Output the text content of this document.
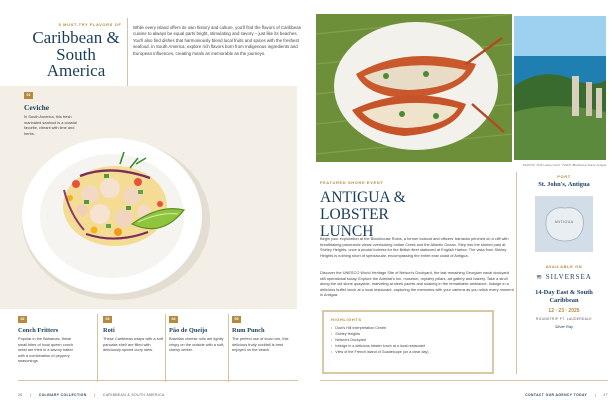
5 MUST-TRY FLAVORS OF
Caribbean & South America
While every island offers its own history and culture, you'll find the flavors of Caribbean cuisine to always be equal parts bright, stimulating and savory – just like its beaches. You'll also find dishes that harmoniously blend local fruits and spices with the freshest seafood. In South America, explore rich flavors born from Indigenous ingredients and European influences, creating meals as memorable as the journeys.
01
Ceviche
In South America, this fresh marinated seafood is a coastal favorite, vibrant with lime and herbs.
02
Conch Fritters
Popular in the Bahamas, these small bites of local queen conch meat are fried in a savory batter with a combination of peppery seasonings.
03
Roti
These Caribbean wraps with a soft pancake shell are filled with deliciously spiced curry stew.
04
Pão de Queijo
Brazilian cheese rolls are lightly crispy on the outside with a soft, chewy center.
05
Rum Punch
The perfect use of local rum, this delicious fruity cocktail is best enjoyed on the beach.
26 | CULINARY COLLECTION | CARIBBEAN & SOUTH AMERICA
PHOTOS: 107F Lobster lunch: ©VENT /Blockhouse Ruins: Antigua
FEATURED SHORE EVENT
ANTIGUA & LOBSTER LUNCH
Begin your exploration at the Blockhouse Ruins, a former lookout and officers' barracks perched on a cliff with breathtaking panoramic views overlooking Indian Creek and the Atlantic Ocean. Step into the storied past at Shirley Heights: once a pivotal fortress for the British fleet stationed at English Harbor. The vista from Shirley Heights is nothing short of spectacular, encompassing the entire east coast of Antigua.
Discover the UNESCO World Heritage Site of Nelson's Dockyard, the last remaining Georgian naval dockyard still operational today. Explore the Admiral's Inn, museum, mystery pillars, art gallery and bakery. Take a stroll along the old stone quayside, marveling at sleek yachts and soaking in the remarkable ambiance. Indulge in a delicious buffet lunch at a local restaurant, capturing the memories with your camera as you relish every moment in Antigua.
HIGHLIGHTS
• Dow's Hill Interpretation Centre
• Shirley Heights
• Nelson's Dockyard
• Indulge in a delicious lobster lunch at a local restaurant
• View of the French island of Guadeloupe (on a clear day)
PORT
St. John's, Antigua
ANTIGUA
AVAILABLE ON
≋ SILVERSEA
14-Day East & South Caribbean
12 · 23 · 2025
ROUNDTRIP FT. LAUDERDALE
Silver Ray
CONTACT OUR AGENCY TODAY | 27
